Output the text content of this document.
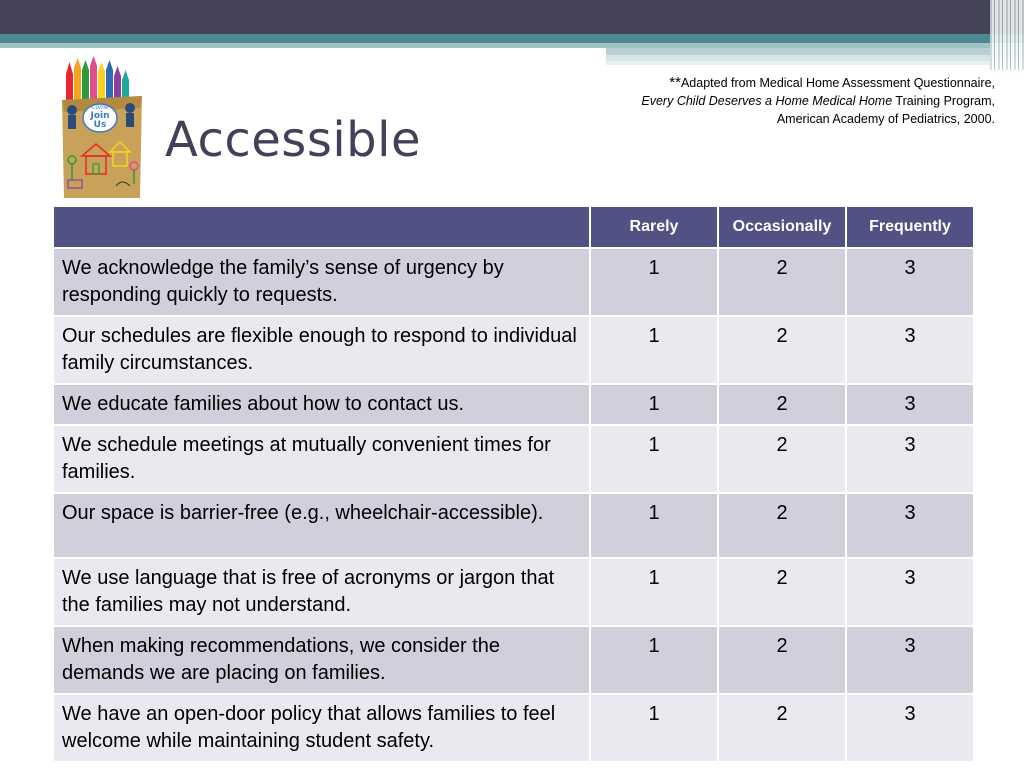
Come
Join
Us Accessible
**Adapted from Medical Home Assessment Questionnaire,
Every Child Deserves a Home Medical Home Training Program,
American Academy of Pediatrics, 2000.
	Rarely	Occasionally	Frequently
We acknowledge the family’s sense of urgency by responding quickly to requests.	1	2	3
Our schedules are flexible enough to respond to individual family circumstances.	1	2	3
We educate families about how to contact us.	1	2	3
We schedule meetings at mutually convenient times for families.	1	2	3
Our space is barrier-free (e.g., wheelchair-accessible).	1	2	3
We use language that is free of acronyms or jargon that the families may not understand.	1	2	3
When making recommendations, we consider the demands we are placing on families.	1	2	3
We have an open-door policy that allows families to feel welcome while maintaining student safety.	1	2	3
